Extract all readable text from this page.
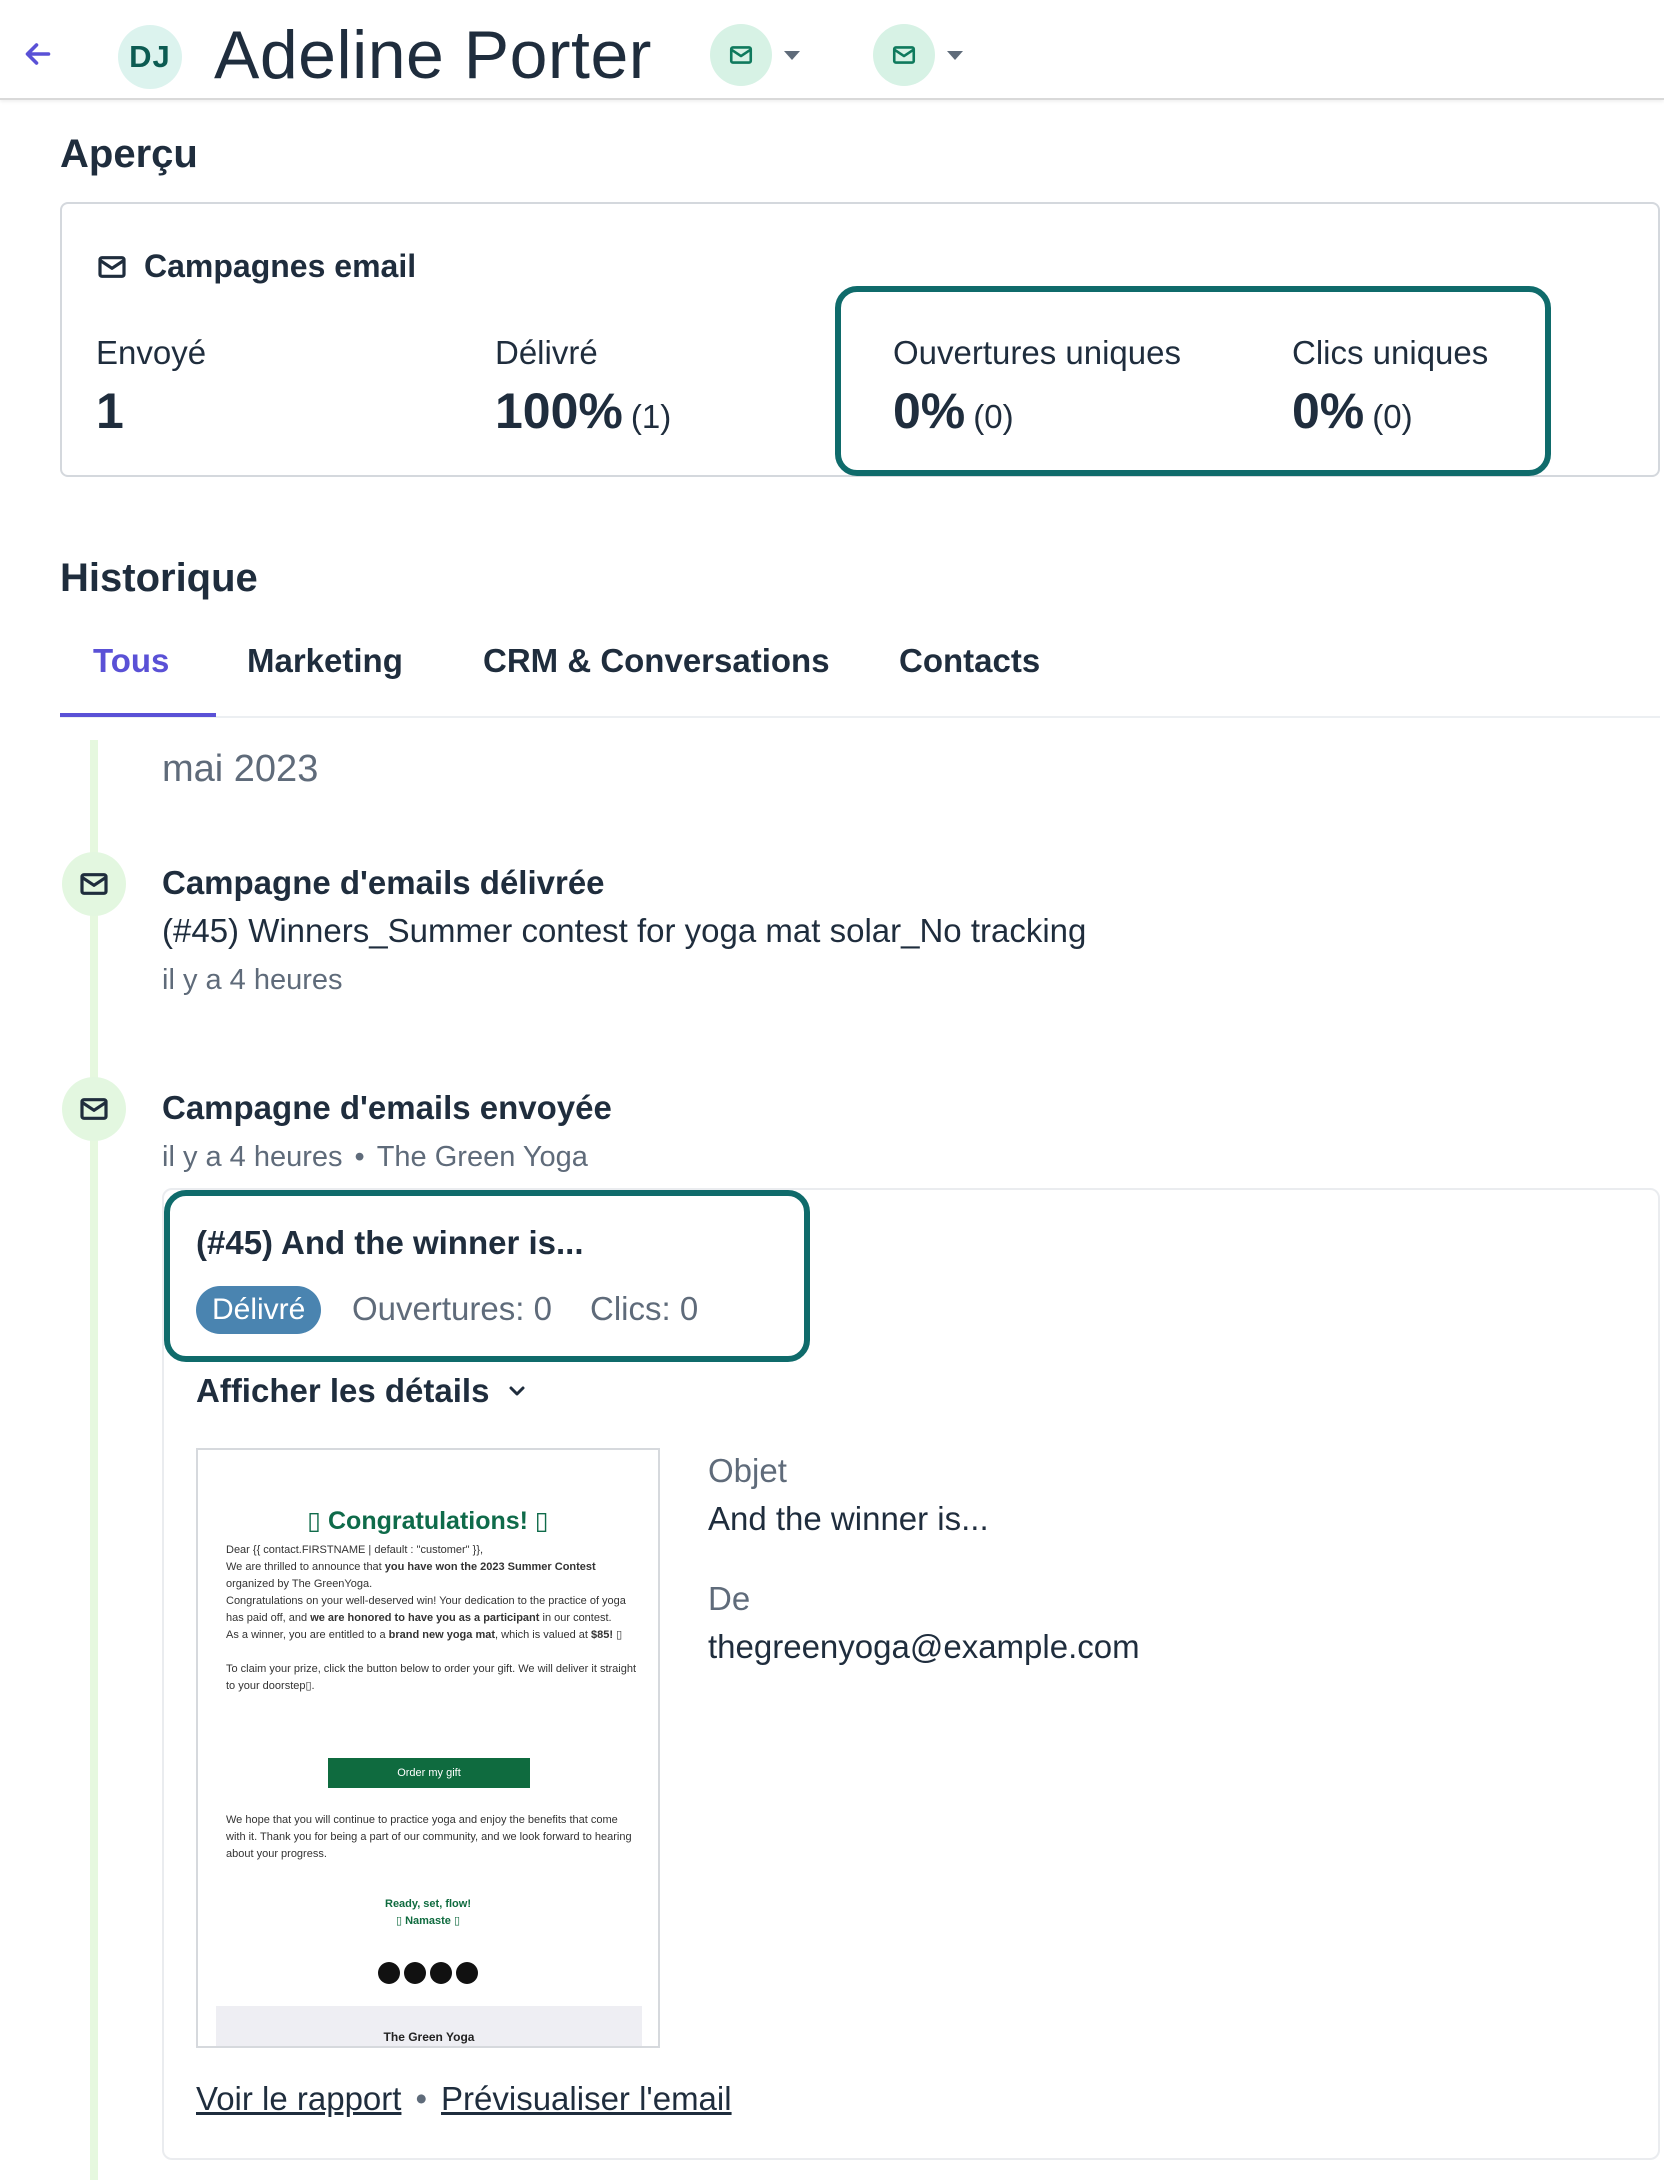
DJ Adeline Porter
Aperçu
Campagnes email
Envoyé
1
Délivré
100% (1)
Ouvertures uniques
0% (0)
Clics uniques
0% (0)
Historique
Tous Marketing CRM & Conversations Contacts
mai 2023
Campagne d'emails délivrée
(#45) Winners_Summer contest for yoga mat solar_No tracking
il y a 4 heures
Campagne d'emails envoyée
il y a 4 heures • The Green Yoga
(#45) And the winner is...
Délivré	Ouvertures: 0 Clics: 0
Afficher les détails
▯ Congratulations! ▯

Dear {{ contact.FIRSTNAME | default : "customer" }},

We are thrilled to announce that you have won the 2023 Summer Contest organized by The GreenYoga.

Congratulations on your well-deserved win! Your dedication to the practice of yoga has paid off, and we are honored to have you as a participant in our contest.

As a winner, you are entitled to a brand new yoga mat, which is valued at $85! ▯

To claim your prize, click the button below to order your gift. We will deliver it straight to your doorstep▯.

Order my gift
We hope that you will continue to practice yoga and enjoy the benefits that come with it. Thank you for being a part of our community, and we look forward to hearing about your progress.
Ready, set, flow!
▯ Namaste ▯
The Green Yoga
Objet
And the winner is...
De
thegreenyoga@example.com
Voir le rapport • Prévisualiser l'email
